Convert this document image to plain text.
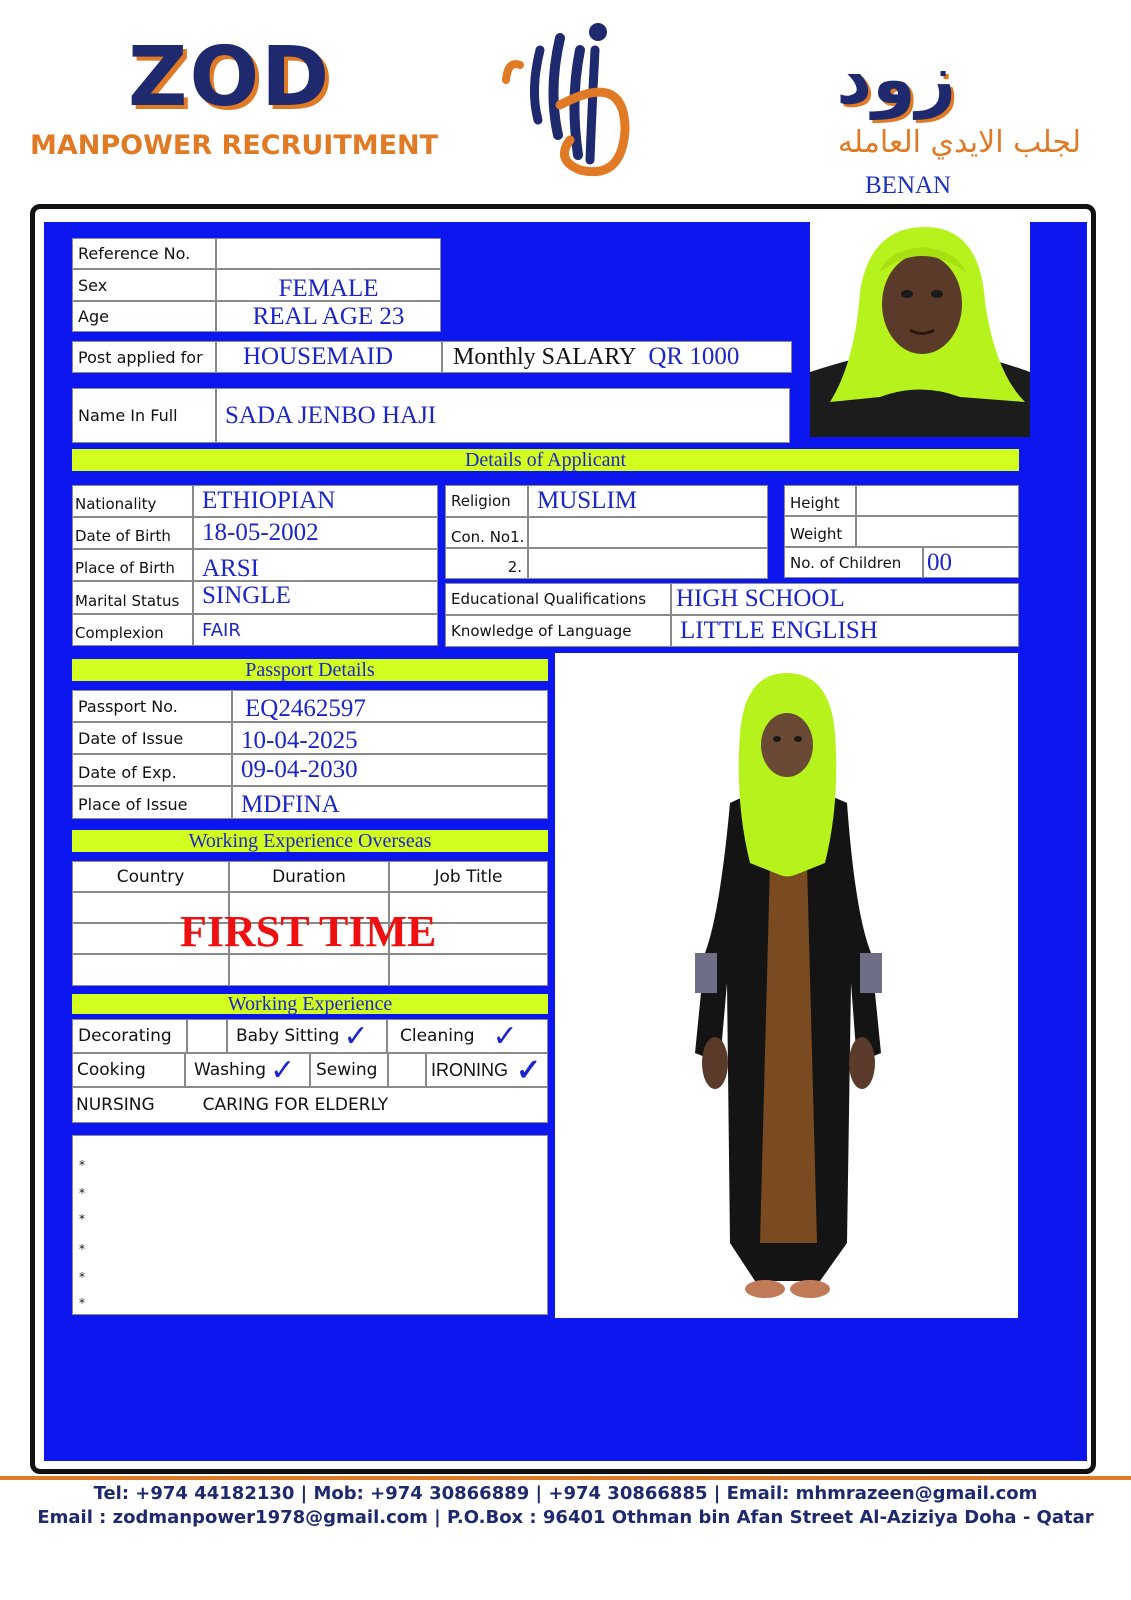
ZOD
MANPOWER RECRUITMENT
زود
لجلب الايدي العامله
BENAN
Reference No.
Sex	FEMALE
Age	REAL AGE 23
Post applied for	HOUSEMAID	Monthly SALARY QR 1000
Name In Full	SADA JENBO HAJI
Details of Applicant
Nationality	ETHIOPIAN
Date of Birth	18-05-2002
Place of Birth	ARSI
Marital Status SINGLE
Complexion	FAIR
Religion	MUSLIM
Con. No1.
2.
Height
Weight
No. of Children	00
Educational Qualifications	HIGH SCHOOL
Knowledge of Language	LITTLE ENGLISH
Passport Details
Passport No.	EQ2462597
Date of Issue	10-04-2025
Date of Exp.	09-04-2030
Place of Issue	MDFINA
Working Experience Overseas
Country	Duration	Job Title
FIRST TIME
Working Experience
Decorating	Baby Sitting ✓ Cleaning ✓
Cooking	Washing ✓	Sewing	IRONING ✓
NURSING	CARING FOR ELDERLY
*
*
*
*
*
*
Tel: +974 44182130 | Mob: +974 30866889 | +974 30866885 | Email: mhmrazeen@gmail.com
Email : zodmanpower1978@gmail.com | P.O.Box : 96401 Othman bin Afan Street Al-Aziziya Doha - Qatar
